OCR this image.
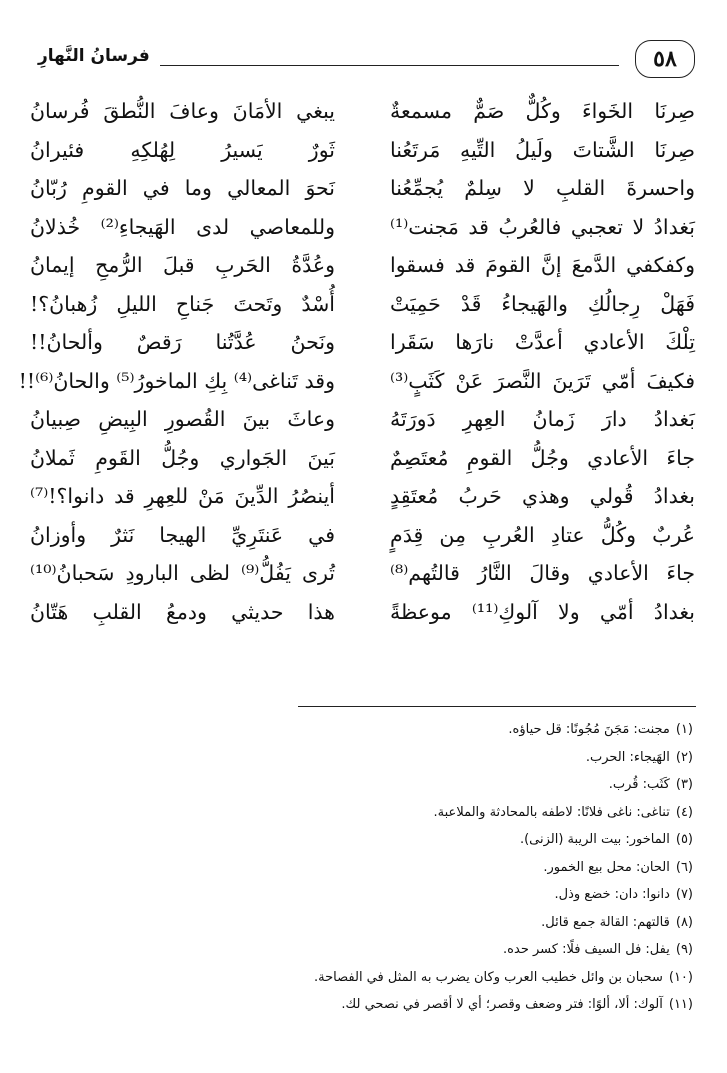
٥٨
فرسانُ النَّهارِ
صِرنَا الخَواءَ وكُلٌّ صَمٌّ مسمعةٌ
صِرنَا الشَّتاتَ ولَيلُ التِّيهِ مَرتَعُنا
واحسرةَ القلبِ لا سِلمٌ يُجمِّعُنا
بَغدادُ لا تعجبي فالعُربُ قد مَجنت⁽¹⁾
وكفكفي الدَّمعَ إنَّ القومَ قد فسقوا
فَهَلْ رِجالُكِ والهَيجاءُ قَدْ حَمِيَتْ
تِلْكَ الأعادي أعدَّتْ نارَها سَقَرا
فكيفَ أمّي تَرَينَ النَّصرَ عَنْ كَثَبٍ⁽³⁾
بَغدادُ دارَ زَمانُ العِهرِ دَورَتَهُ
جاءَ الأعادي وجُلُّ القومِ مُعتَصِمٌ
بغدادُ قُولي وهذي حَربُ مُعتَقِدٍ
عُربٌ وكُلُّ عتادِ العُربِ مِن قِدَمٍ
جاءَ الأعادي وقالَ النَّارُ قالتُهم⁽⁸⁾
بغدادُ أمّي ولا آلوكِ⁽¹¹⁾ موعظةً
يبغي الأمَانَ وعافَ النُّطقَ فُرسانُ
ثَورٌ يَسيرُ لِهُلكِهِ فئيرانُ
نَحوَ المعالي وما في القومِ رُبّانُ
وللمعاصي لدى الهَيجاءِ⁽²⁾ خُذلانُ
وعُدَّةُ الحَربِ قبلَ الرُّمحِ إيمانُ
أُسْدٌ وتَحتَ جَناحِ الليلِ زُهبانُ؟!
ونَحنُ عُدَّتُنا رَقصٌ وألحانُ!!
وقد تَناغى⁽⁴⁾ بِكِ الماخورُ⁽⁵⁾ والحانُ⁽⁶⁾!!
وعاثَ بينَ القُصورِ البِيضِ صِبيانُ
بَينَ الجَواري وجُلُّ القَومِ ثَملانُ
أينصُرُ الدِّينَ مَنْ للعِهرِ قد دانوا؟!⁽⁷⁾
في عَنتَرِيِّ الهيجا نَثرٌ وأوزانُ
تُرى يَفُلُّ⁽⁹⁾ لظى البارودِ سَحبانُ⁽¹⁰⁾
هذا حديثي ودمعُ القلبِ هَتّانُ
(١)مجنت: مَجَنَ مُجُونًا: قل حياؤه.
(٢)الهَيجاء: الحرب.
(٣)كَثَب: قُرب.
(٤)تناغى: ناغى فلانًا: لاطفه بالمحادثة والملاعبة.
(٥)الماخور: بيت الريبة (الزنى).
(٦)الحان: محل بيع الخمور.
(٧)دانوا: دان: خضع وذل.
(٨)قالتهم: القالة جمع قائل.
(٩)يفل: فل السيف فلًا: كسر حده.
(١٠)سحبان بن وائل خطيب العرب وكان يضرب به المثل في الفصاحة.
(١١)آلوك: ألا، ألوًا: فتر وضعف وقصر؛ أي لا أقصر في نصحي لك.
